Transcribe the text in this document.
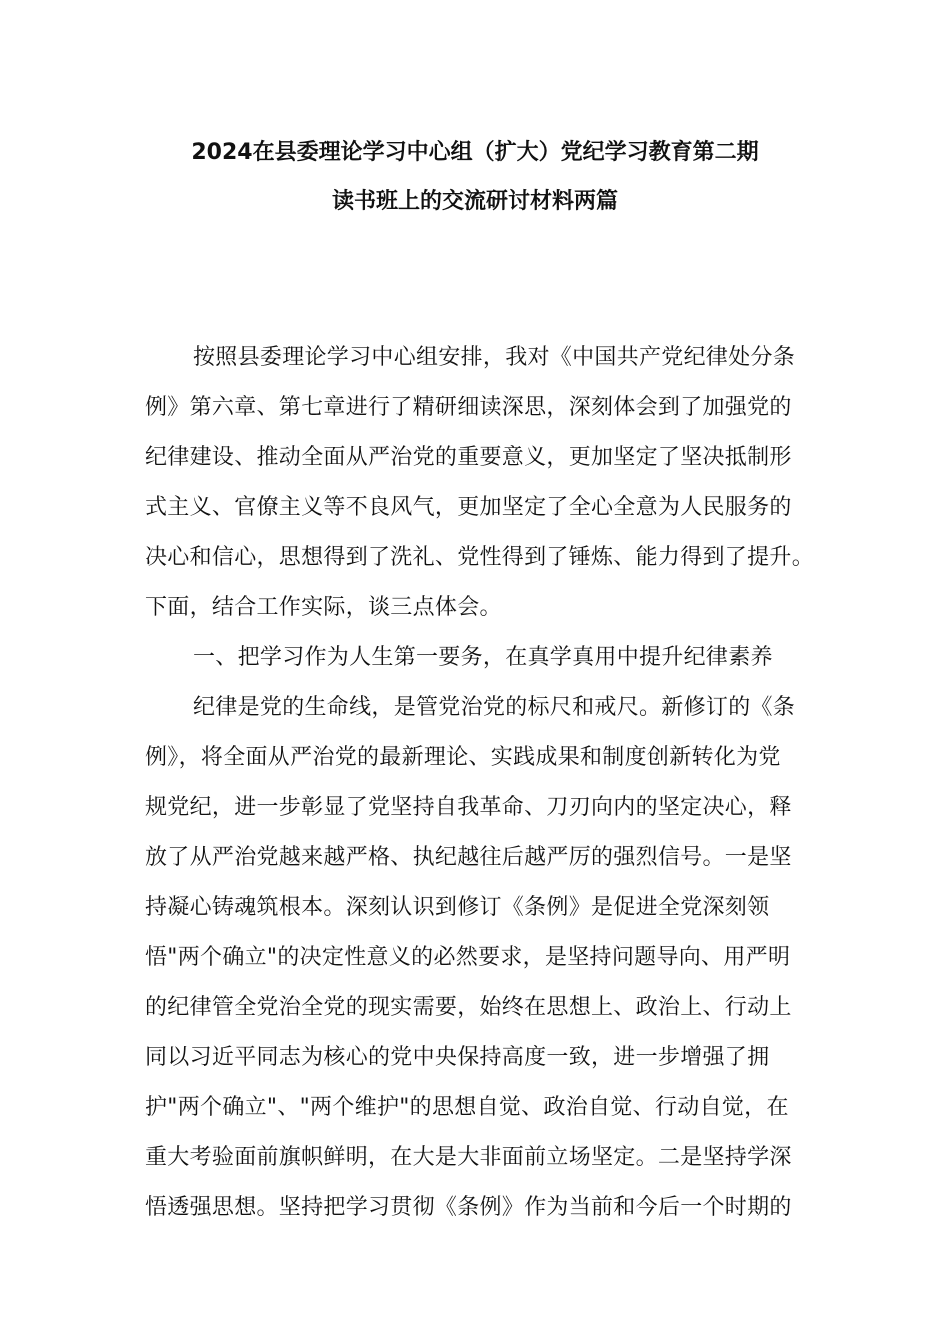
2024在县委理论学习中心组（扩大）党纪学习教育第二期
读书班上的交流研讨材料两篇
按照县委理论学习中心组安排，我对《中国共产党纪律处分条
例》第六章、第七章进行了精研细读深思，深刻体会到了加强党的
纪律建设、推动全面从严治党的重要意义，更加坚定了坚决抵制形
式主义、官僚主义等不良风气，更加坚定了全心全意为人民服务的
决心和信心，思想得到了洗礼、党性得到了锤炼、能力得到了提升。
下面，结合工作实际，谈三点体会。
一、把学习作为人生第一要务，在真学真用中提升纪律素养
纪律是党的生命线，是管党治党的标尺和戒尺。新修订的《条
例》，将全面从严治党的最新理论、实践成果和制度创新转化为党
规党纪，进一步彰显了党坚持自我革命、刀刃向内的坚定决心，释
放了从严治党越来越严格、执纪越往后越严厉的强烈信号。一是坚
持凝心铸魂筑根本。深刻认识到修订《条例》是促进全党深刻领
悟"两个确立"的决定性意义的必然要求，是坚持问题导向、用严明
的纪律管全党治全党的现实需要，始终在思想上、政治上、行动上
同以习近平同志为核心的党中央保持高度一致，进一步增强了拥
护"两个确立"、"两个维护"的思想自觉、政治自觉、行动自觉，在
重大考验面前旗帜鲜明，在大是大非面前立场坚定。二是坚持学深
悟透强思想。坚持把学习贯彻《条例》作为当前和今后一个时期的
